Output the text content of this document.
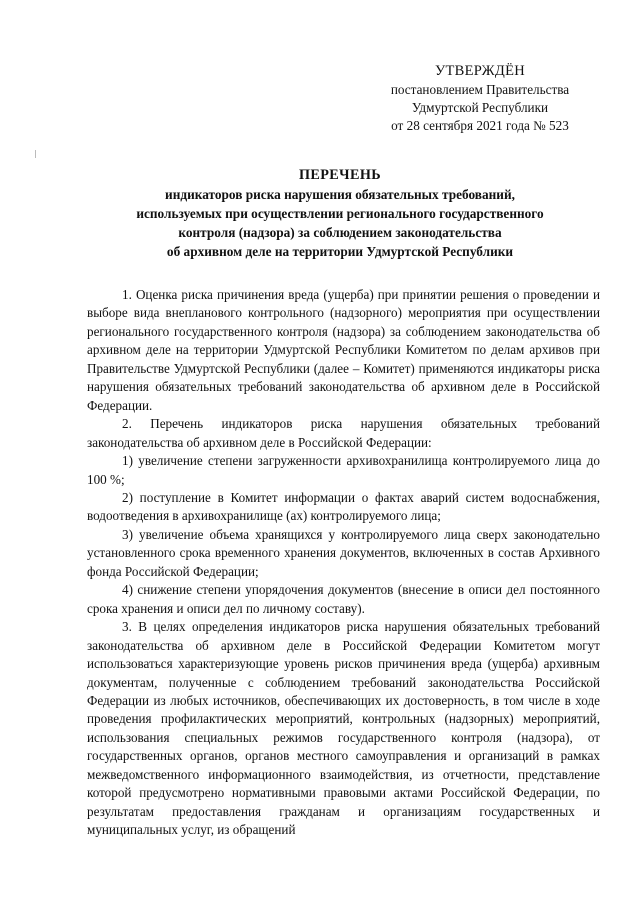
УТВЕРЖДЁН
постановлением Правительства
Удмуртской Республики
от 28 сентября 2021 года № 523
ПЕРЕЧЕНЬ
индикаторов риска нарушения обязательных требований,
используемых при осуществлении регионального государственного
контроля (надзора) за соблюдением законодательства
об архивном деле на территории Удмуртской Республики

1. Оценка риска причинения вреда (ущерба) при принятии решения о проведении и выборе вида внепланового контрольного (надзорного) мероприятия при осуществлении регионального государственного контроля (надзора) за соблюдением законодательства об архивном деле на территории Удмуртской Республики Комитетом по делам архивов при Правительстве Удмуртской Республики (далее – Комитет) применяются индикаторы риска нарушения обязательных требований законодательства об архивном деле в Российской Федерации.

2. Перечень индикаторов риска нарушения обязательных требований законодательства об архивном деле в Российской Федерации:

1) увеличение степени загруженности архивохранилища контролируемого лица до 100 %;

2) поступление в Комитет информации о фактах аварий систем водоснабжения, водоотведения в архивохранилище (ах) контролируемого лица;

3) увеличение объема хранящихся у контролируемого лица сверх законодательно установленного срока временного хранения документов, включенных в состав Архивного фонда Российской Федерации;

4) снижение степени упорядочения документов (внесение в описи дел постоянного срока хранения и описи дел по личному составу).

3. В целях определения индикаторов риска нарушения обязательных требований законодательства об архивном деле в Российской Федерации Комитетом могут использоваться характеризующие уровень рисков причинения вреда (ущерба) архивным документам, полученные с соблюдением требований законодательства Российской Федерации из любых источников, обеспечивающих их достоверность, в том числе в ходе проведения профилактических мероприятий, контрольных (надзорных) мероприятий, использования специальных режимов государственного контроля (надзора), от государственных органов, органов местного самоуправления и организаций в рамках межведомственного информационного взаимодействия, из отчетности, представление которой предусмотрено нормативными правовыми актами Российской Федерации, по результатам предоставления гражданам и организациям государственных и муниципальных услуг, из обращений
